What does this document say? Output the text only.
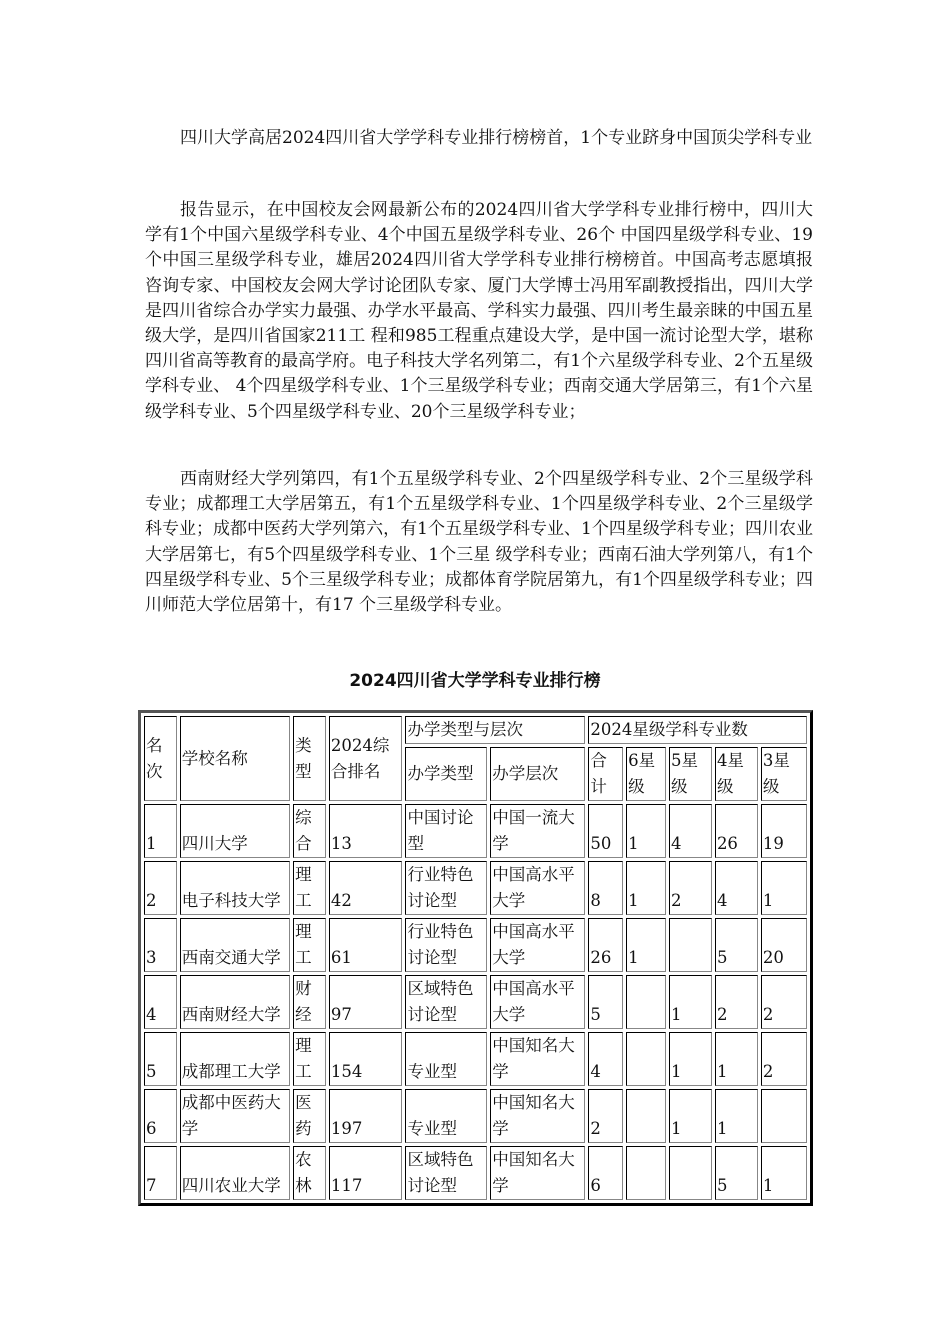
四川大学高居2024四川省大学学科专业排行榜榜首，1个专业跻身中国顶尖学科专业

报告显示，在中国校友会网最新公布的2024四川省大学学科专业排行榜中，四川大学有1个中国六星级学科专业、4个中国五星级学科专业、26个 中国四星级学科专业、19个中国三星级学科专业，雄居2024四川省大学学科专业排行榜榜首。中国高考志愿填报咨询专家、中国校友会网大学讨论团队专家、厦门大学博士冯用军副教授指出，四川大学是四川省综合办学实力最强、办学水平最高、学科实力最强、四川考生最亲睐的中国五星级大学，是四川省国家211工 程和985工程重点建设大学，是中国一流讨论型大学，堪称四川省高等教育的最高学府。电子科技大学名列第二，有1个六星级学科专业、2个五星级学科专业、 4个四星级学科专业、1个三星级学科专业；西南交通大学居第三，有1个六星级学科专业、5个四星级学科专业、20个三星级学科专业；

西南财经大学列第四，有1个五星级学科专业、2个四星级学科专业、2个三星级学科专业；成都理工大学居第五，有1个五星级学科专业、1个四星级学科专业、2个三星级学科专业；成都中医药大学列第六，有1个五星级学科专业、1个四星级学科专业；四川农业大学居第七，有5个四星级学科专业、1个三星 级学科专业；西南石油大学列第八，有1个四星级学科专业、5个三星级学科专业；成都体育学院居第九，有1个四星级学科专业；四川师范大学位居第十，有17 个三星级学科专业。

2024四川省大学学科专业排行榜
名次	学校名称	类型	2024综合排名	办学类型与层次		2024星级学科专业数				
				办学类型	办学层次	合计	6星级	5星级	4星级	3星级
1	四川大学	综合	13	中国讨论型	中国一流大学	50	1	4	26	19
2	电子科技大学	理工	42	行业特色讨论型	中国高水平大学	8	1	2	4	1
3	西南交通大学	理工	61	行业特色讨论型	中国高水平大学	26	1		5	20
4	西南财经大学	财经	97	区域特色讨论型	中国高水平大学	5		1	2	2
5	成都理工大学	理工	154	专业型	中国知名大学	4		1	1	2
6	成都中医药大学	医药	197	专业型	中国知名大学	2		1	1	
7	四川农业大学	农林	117	区域特色讨论型	中国知名大学	6			5	1
